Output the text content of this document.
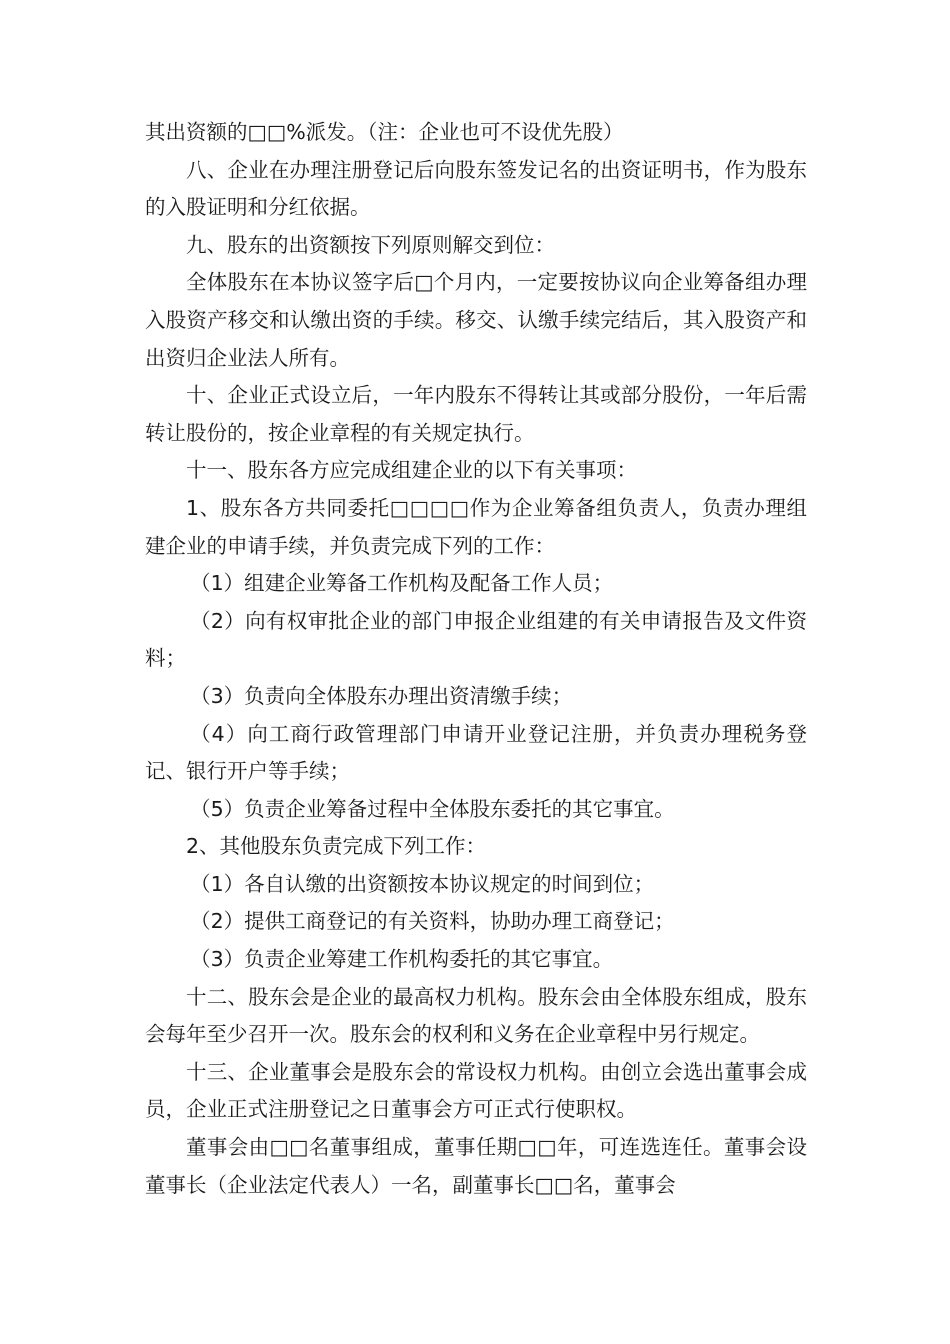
其出资额的□□%派发。（注：企业也可不设优先股）

八、企业在办理注册登记后向股东签发记名的出资证明书，作为股东的入股证明和分红依据。

九、股东的出资额按下列原则解交到位：

全体股东在本协议签字后□个月内，一定要按协议向企业筹备组办理入股资产移交和认缴出资的手续。移交、认缴手续完结后，其入股资产和出资归企业法人所有。

十、企业正式设立后，一年内股东不得转让其或部分股份，一年后需转让股份的，按企业章程的有关规定执行。

十一、股东各方应完成组建企业的以下有关事项：

1、股东各方共同委托□□□□作为企业筹备组负责人，负责办理组建企业的申请手续，并负责完成下列的工作：

（1）组建企业筹备工作机构及配备工作人员；

（2）向有权审批企业的部门申报企业组建的有关申请报告及文件资料；

（3）负责向全体股东办理出资清缴手续；

（4）向工商行政管理部门申请开业登记注册，并负责办理税务登记、银行开户等手续；

（5）负责企业筹备过程中全体股东委托的其它事宜。

2、其他股东负责完成下列工作：

（1）各自认缴的出资额按本协议规定的时间到位；

（2）提供工商登记的有关资料，协助办理工商登记；

（3）负责企业筹建工作机构委托的其它事宜。

十二、股东会是企业的最高权力机构。股东会由全体股东组成，股东会每年至少召开一次。股东会的权利和义务在企业章程中另行规定。

十三、企业董事会是股东会的常设权力机构。由创立会选出董事会成员，企业正式注册登记之日董事会方可正式行使职权。

董事会由□□名董事组成，董事任期□□年，可连选连任。董事会设董事长（企业法定代表人）一名，副董事长□□名，董事会
